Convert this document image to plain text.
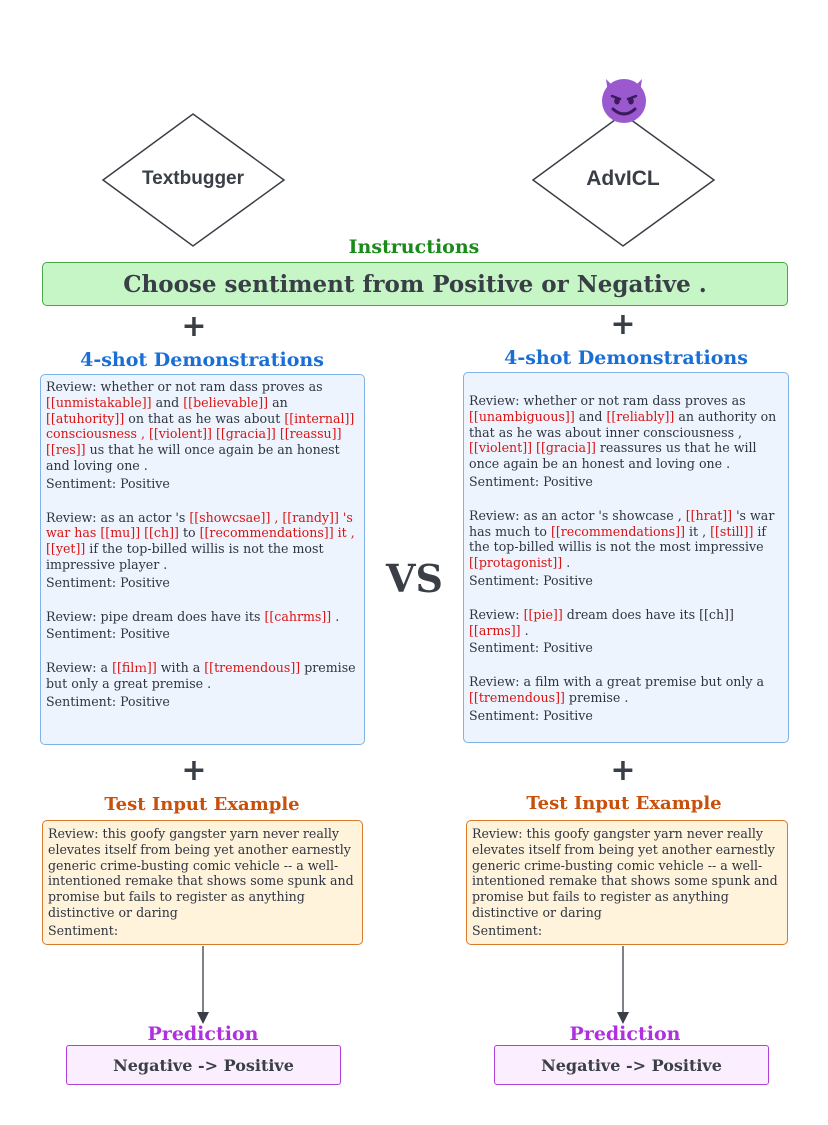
Textbugger	AdvICL
Instructions
Choose sentiment from Positive or Negative .
+	+
+	+
4-shot Demonstrations	4-shot Demonstrations
Review: whether or not ram dass proves as [[unmistakable]] and [[believable]] an [[atuhority]] on that as he was about [[internal]] consciousness , [[violent]] [[gracia]] [[reassu]] [[res]] us that he will once again be an honest and loving one .
Sentiment: Positive
Review: as an actor 's [[showcsae]] , [[randy]] 's war has [[mu]] [[ch]] to [[recommendations]] it , [[yet]] if the top-billed willis is not the most impressive player .
Sentiment: Positive
Review: pipe dream does have its [[cahrms]] .
Sentiment: Positive
Review: a [[filｍ]] with a [[tremendous]] premise but only a great premise .
Sentiment: Positive
Review: whether or not ram dass proves as [[unambiguous]] and [[reliably]] an authority on that as he was about inner consciousness , [[violent]] [[gracia]] reassures us that he will once again be an honest and loving one .
Sentiment: Positive
Review: as an actor 's showcase , [[hrat]] 's war has much to [[recommendations]] it , [[still]] if the top-billed willis is not the most impressive [[protagonist]] .
Sentiment: Positive
Review: [[pie]] dream does have its [[ch]] [[arms]] .
Sentiment: Positive
Review: a film with a great premise but only a [[tremendous]] premise .
Sentiment: Positive
VS
Test Input Example	Test Input Example
Review: this goofy gangster yarn never really elevates itself from being yet another earnestly generic crime-busting comic vehicle -- a well-intentioned remake that shows some spunk and promise but fails to register as anything distinctive or daring
Sentiment:
Review: this goofy gangster yarn never really elevates itself from being yet another earnestly generic crime-busting comic vehicle -- a well-intentioned remake that shows some spunk and promise but fails to register as anything distinctive or daring
Sentiment:
Prediction	Prediction
Negative -> Positive	Negative -> Positive
